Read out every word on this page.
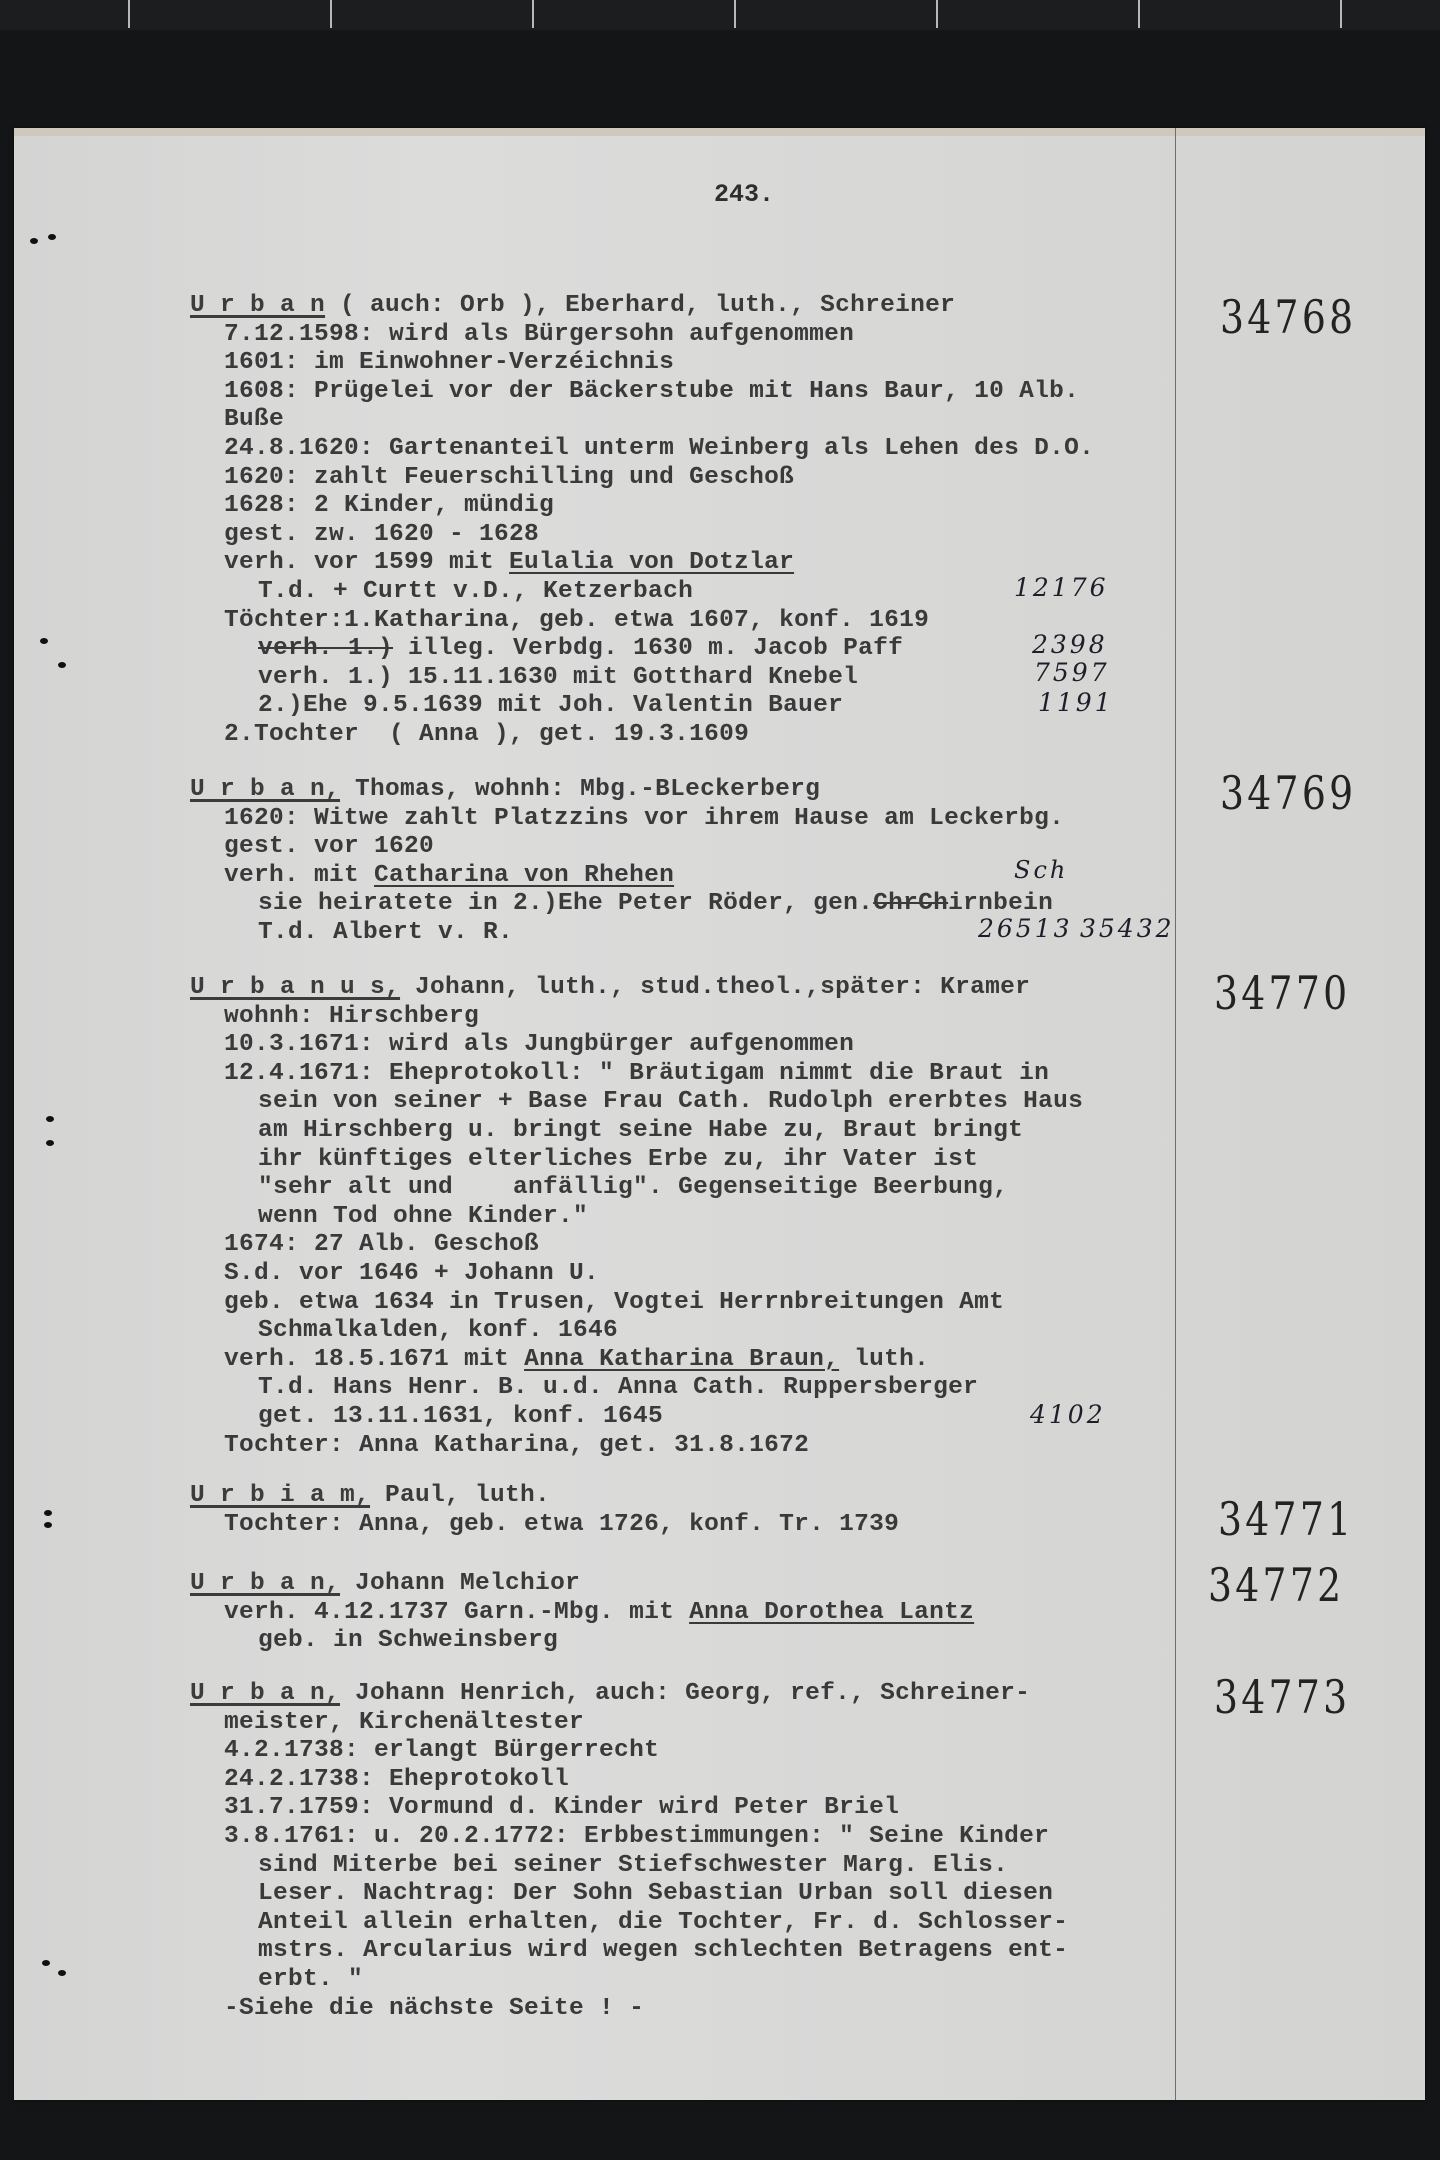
243.
U r b a n ( auch: Orb ), Eberhard, luth., Schreiner
7.12.1598: wird als Bürgersohn aufgenommen
1601: im Einwohner-Verzéichnis
1608: Prügelei vor der Bäckerstube mit Hans Baur, 10 Alb.
Buße
24.8.1620: Gartenanteil unterm Weinberg als Lehen des D.O.
1620: zahlt Feuerschilling und Geschoß
1628: 2 Kinder, mündig
gest. zw. 1620 - 1628
verh. vor 1599 mit Eulalia von Dotzlar
T.d. + Curtt v.D., Ketzerbach
Töchter:1.Katharina, geb. etwa 1607, konf. 1619
verh. 1.) illeg. Verbdg. 1630 m. Jacob Paff
verh. 1.) 15.11.1630 mit Gotthard Knebel
2.)Ehe 9.5.1639 mit Joh. Valentin Bauer
2.Tochter  ( Anna ), get. 19.3.1609
34768
12176
2398
7597
1191
U r b a n, Thomas, wohnh: Mbg.-BLeckerberg
1620: Witwe zahlt Platzzins vor ihrem Hause am Leckerbg.
gest. vor 1620
verh. mit Catharina von Rhehen
sie heiratete in 2.)Ehe Peter Röder, gen.ChrChirnbein
T.d. Albert v. R.
34769
Sch
26513 35432
U r b a n u s, Johann, luth., stud.theol.,später: Kramer
wohnh: Hirschberg
10.3.1671: wird als Jungbürger aufgenommen
12.4.1671: Eheprotokoll: " Bräutigam nimmt die Braut in
sein von seiner + Base Frau Cath. Rudolph ererbtes Haus
am Hirschberg u. bringt seine Habe zu, Braut bringt
ihr künftiges elterliches Erbe zu, ihr Vater ist
"sehr alt und    anfällig". Gegenseitige Beerbung,
wenn Tod ohne Kinder."
1674: 27 Alb. Geschoß
S.d. vor 1646 + Johann U.
geb. etwa 1634 in Trusen, Vogtei Herrnbreitungen Amt
Schmalkalden, konf. 1646
verh. 18.5.1671 mit Anna Katharina Braun, luth.
T.d. Hans Henr. B. u.d. Anna Cath. Ruppersberger
get. 13.11.1631, konf. 1645
Tochter: Anna Katharina, get. 31.8.1672
34770
4102
U r b i a m, Paul, luth.
Tochter: Anna, geb. etwa 1726, konf. Tr. 1739	34771
U r b a n, Johann Melchior
verh. 4.12.1737 Garn.-Mbg. mit Anna Dorothea Lantz
geb. in Schweinsberg
34772
U r b a n, Johann Henrich, auch: Georg, ref., Schreiner-
meister, Kirchenältester
4.2.1738: erlangt Bürgerrecht
24.2.1738: Eheprotokoll
31.7.1759: Vormund d. Kinder wird Peter Briel
3.8.1761: u. 20.2.1772: Erbbestimmungen: " Seine Kinder
sind Miterbe bei seiner Stiefschwester Marg. Elis.
Leser. Nachtrag: Der Sohn Sebastian Urban soll diesen
Anteil allein erhalten, die Tochter, Fr. d. Schlosser-
mstrs. Arcularius wird wegen schlechten Betragens ent-
erbt. "
-Siehe die nächste Seite ! -
34773
